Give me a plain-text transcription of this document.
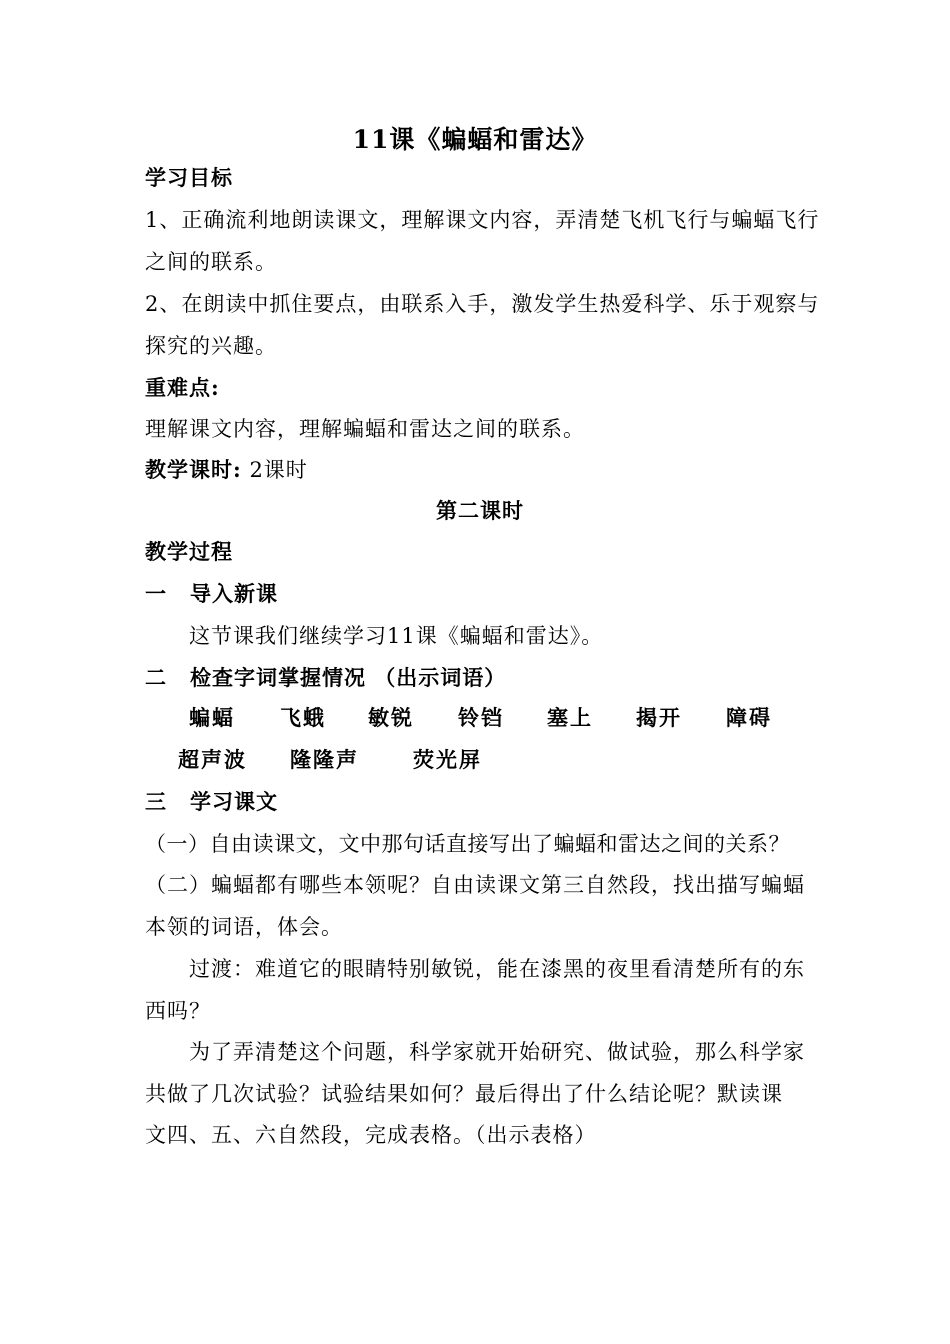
11课《蝙蝠和雷达》
学习目标
1、正确流利地朗读课文，理解课文内容，弄清楚飞机飞行与蝙蝠飞行
之间的联系。
2、在朗读中抓住要点，由联系入手，激发学生热爱科学、乐于观察与
探究的兴趣。
重难点:
理解课文内容，理解蝙蝠和雷达之间的联系。
教学课时: 2课时
第二课时
教学过程
一 导入新课
这节课我们继续学习11课《蝙蝠和雷达》。
二 检查字词掌握情况 （出示词语）
蝙蝠 飞蛾 敏锐 铃铛 塞上 揭开 障碍
超声波 隆隆声	荧光屏
三 学习课文
（一）自由读课文，文中那句话直接写出了蝙蝠和雷达之间的关系？
（二）蝙蝠都有哪些本领呢？自由读课文第三自然段，找出描写蝙蝠
本领的词语，体会。
过渡：难道它的眼睛特别敏锐，能在漆黑的夜里看清楚所有的东
西吗？
为了弄清楚这个问题，科学家就开始研究、做试验，那么科学家
共做了几次试验？试验结果如何？最后得出了什么结论呢？默读课
文四、五、六自然段，完成表格。（出示表格）
